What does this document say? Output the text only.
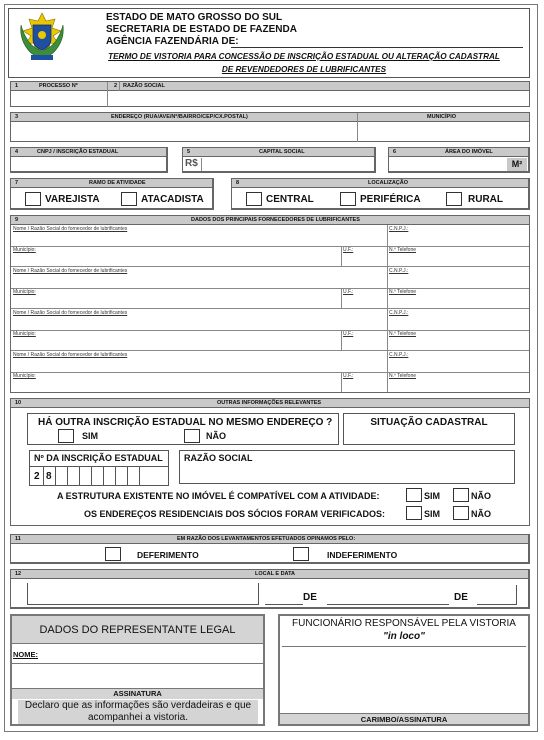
ESTADO DE MATO GROSSO DO SUL
SECRETARIA DE ESTADO DE FAZENDA
AGÊNCIA FAZENDÁRIA DE:
TERMO DE VISTORIA PARA CONCESSÃO DE INSCRIÇÃO ESTADUAL OU ALTERAÇÃO CADASTRAL
DE REVENDEDORES DE LUBRIFICANTES
1	PROCESSO Nº	2 RAZÃO SOCIAL
3	ENDEREÇO (RUA/AVE/Nº/BAIRRO/CEP/CX.POSTAL)	MUNICÍPIO
4	CNPJ / INSCRIÇÃO ESTADUAL	5	CAPITAL SOCIAL
R$
6	ÁREA DO IMÓVEL
M²
7	RAMO DE ATIVIDADE
VAREJISTA	ATACADISTA
8	LOCALIZAÇÃO
CENTRAL	PERIFÉRICA	RURAL
9	DADOS DOS PRINCIPAIS FORNECEDORES DE LUBRIFICANTES
Nome / Razão Social do fornecedor de lubrificantes	C.N.P.J.:
Município:	U.F.:	N.º Telefone
Nome / Razão Social do fornecedor de lubrificantes	C.N.P.J.:
Município:	U.F.:	N.º Telefone
Nome / Razão Social do fornecedor de lubrificantes	C.N.P.J.:
Município:	U.F.:	N.º Telefone
Nome / Razão Social do fornecedor de lubrificantes	C.N.P.J.:
Município:	U.F.:	N.º Telefone
10	OUTRAS INFORMAÇÕES RELEVANTES
HÁ OUTRA INSCRIÇÃO ESTADUAL NO MESMO ENDEREÇO ?
SIM	NÃO
SITUAÇÃO CADASTRAL
Nº DA INSCRIÇÃO ESTADUAL
2 8
RAZÃO SOCIAL
A ESTRUTURA EXISTENTE NO IMÓVEL É COMPATÍVEL COM A ATIVIDADE:	SIM	NÃO
OS ENDEREÇOS RESIDENCIAIS DOS SÓCIOS FORAM VERIFICADOS:	SIM	NÃO
11	EM RAZÃO DOS LEVANTAMENTOS EFETUADOS OPINAMOS PELO:
DEFERIMENTO	INDEFERIMENTO
12	LOCAL E DATA
DE	DE
DADOS DO REPRESENTANTE LEGAL
NOME:
ASSINATURA
Declaro que as informações são verdadeiras e que acompanhei a vistoria.
FUNCIONÁRIO RESPONSÁVEL PELA VISTORIA
"in loco"
CARIMBO/ASSINATURA
